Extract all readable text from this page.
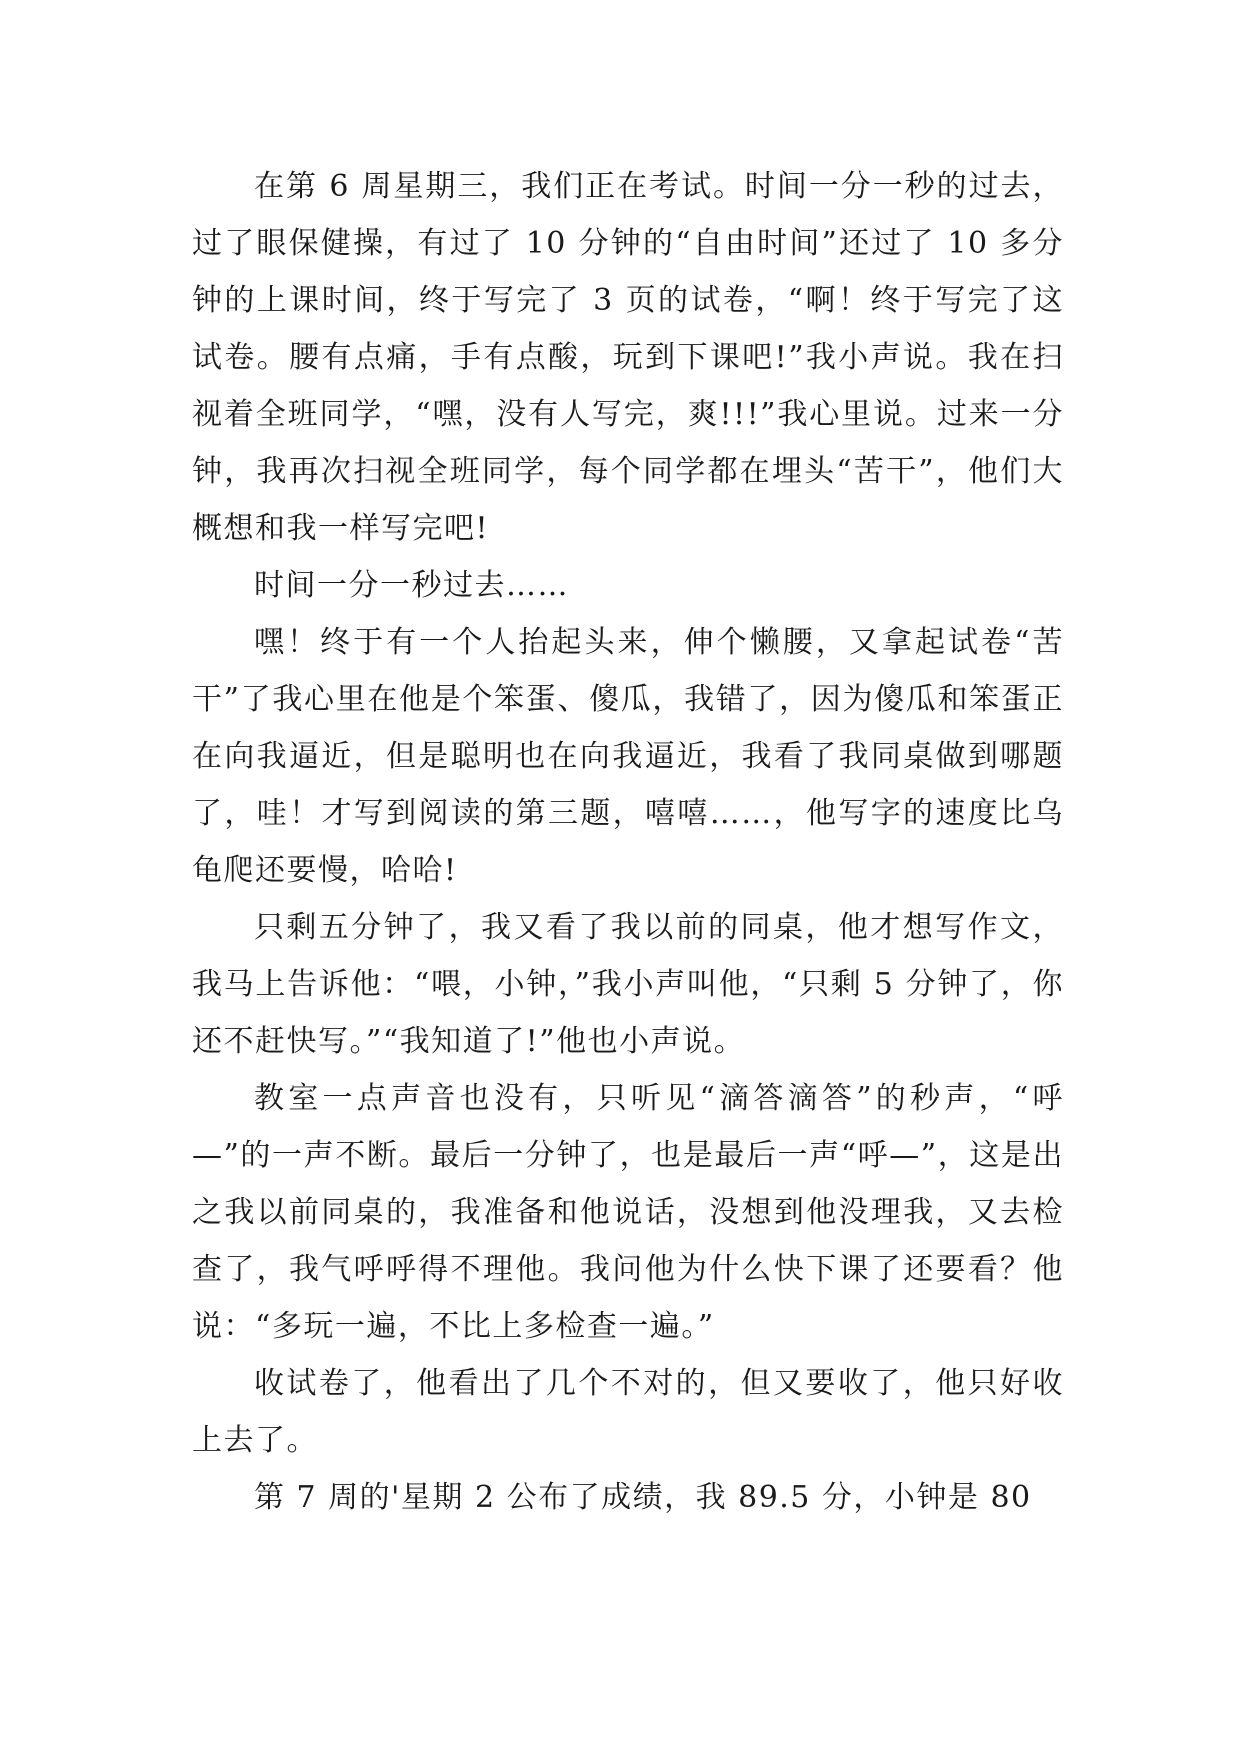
在第 6 周星期三，我们正在考试。时间一分一秒的过去，过了眼保健操，有过了 10 分钟的“自由时间”还过了 10 多分钟的上课时间，终于写完了 3 页的试卷，“啊！终于写完了这试卷。腰有点痛，手有点酸，玩到下课吧!”我小声说。我在扫视着全班同学，“嘿，没有人写完，爽!!!”我心里说。过来一分钟，我再次扫视全班同学，每个同学都在埋头“苦干”，他们大概想和我一样写完吧!

时间一分一秒过去……

嘿！终于有一个人抬起头来，伸个懒腰，又拿起试卷“苦干”了我心里在他是个笨蛋、傻瓜，我错了，因为傻瓜和笨蛋正在向我逼近，但是聪明也在向我逼近，我看了我同桌做到哪题了，哇！才写到阅读的第三题，嘻嘻……，他写字的速度比乌龟爬还要慢，哈哈!

只剩五分钟了，我又看了我以前的同桌，他才想写作文，我马上告诉他：“喂，小钟，”我小声叫他，“只剩 5 分钟了，你还不赶快写。”“我知道了!”他也小声说。

教室一点声音也没有，只听见“滴答滴答”的秒声，“呼—”的一声不断。最后一分钟了，也是最后一声“呼—”，这是出之我以前同桌的，我准备和他说话，没想到他没理我，又去检查了，我气呼呼得不理他。我问他为什么快下课了还要看？他说：“多玩一遍，不比上多检查一遍。”

收试卷了，他看出了几个不对的，但又要收了，他只好收上去了。

第 7 周的'星期 2 公布了成绩，我 89.5 分，小钟是 80
